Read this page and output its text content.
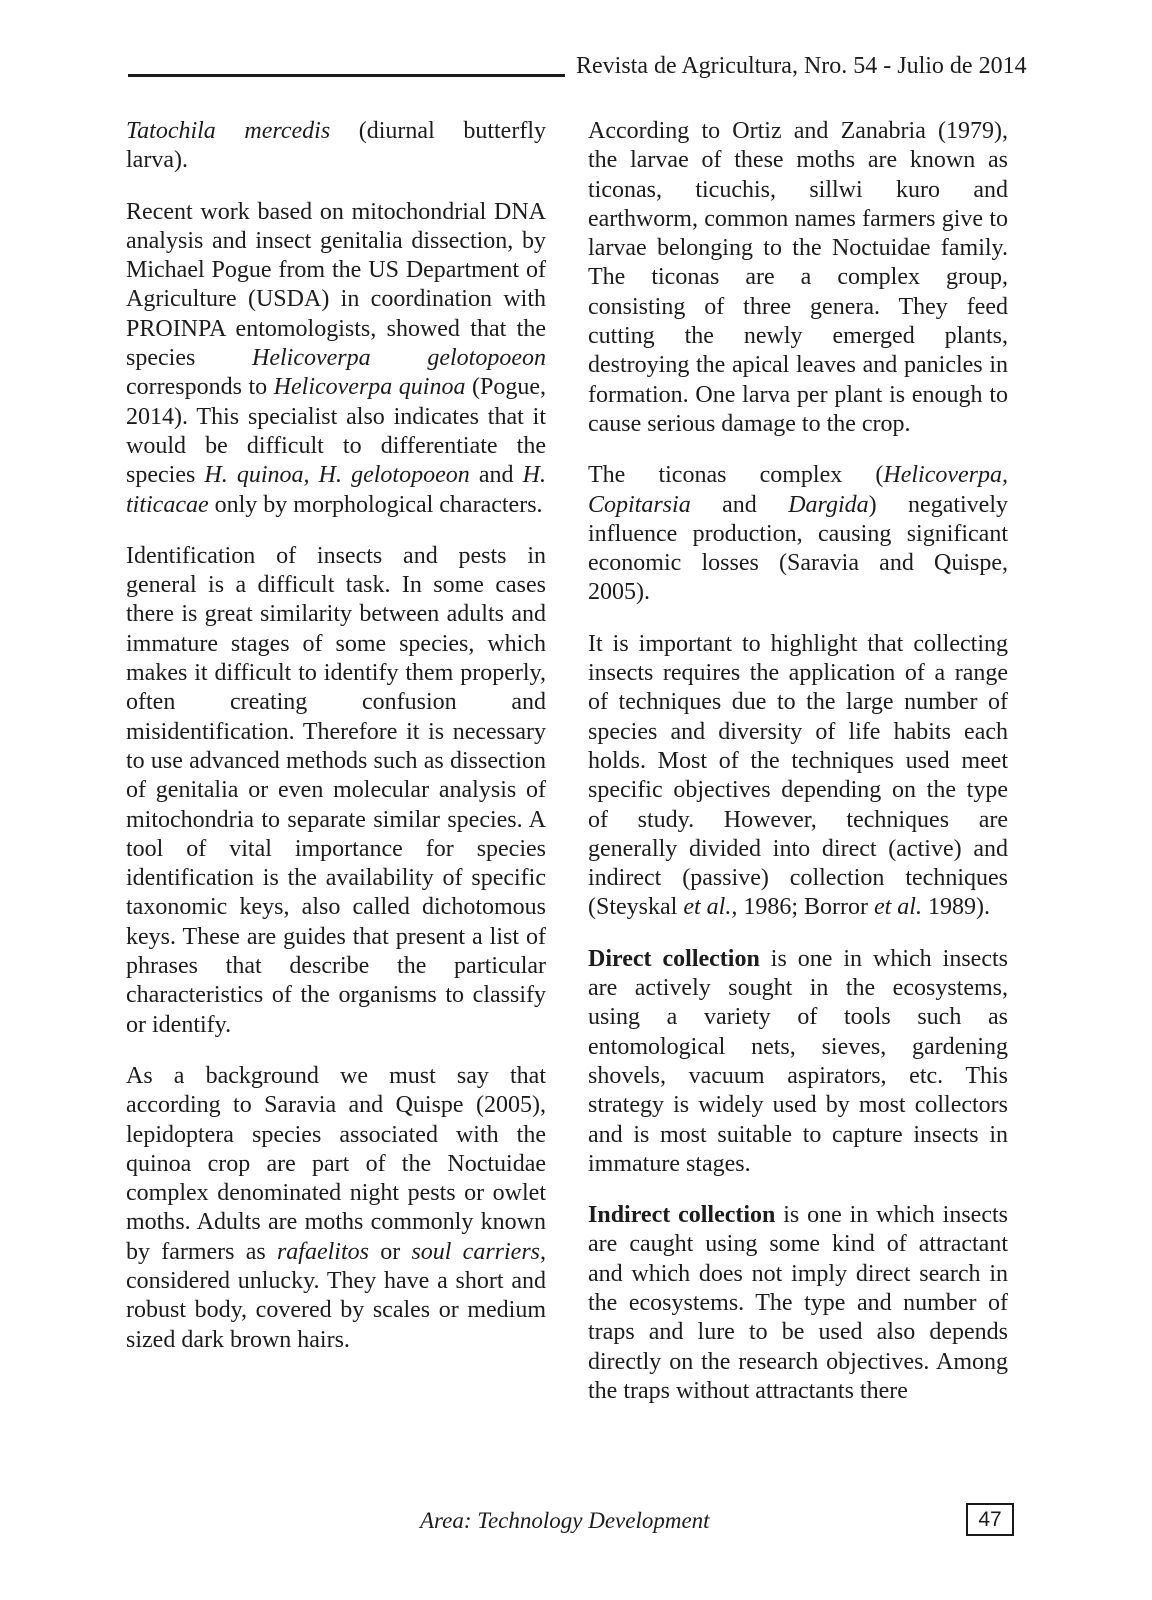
Revista de Agricultura, Nro. 54 - Julio de 2014

Tatochila mercedis (diurnal butterfly larva).

Recent work based on mitochondrial DNA analysis and insect genitalia dissection, by Michael Pogue from the US Department of Agriculture (USDA) in coordination with PROINPA entomologists, showed that the species Helicoverpa gelotopoeon corresponds to Helicoverpa quinoa (Pogue, 2014). This specialist also indicates that it would be difficult to differentiate the species H. quinoa, H. gelotopoeon and H. titicacae only by morphological characters.

Identification of insects and pests in general is a difficult task. In some cases there is great similarity between adults and immature stages of some species, which makes it difficult to identify them properly, often creating confusion and misidentification. Therefore it is necessary to use advanced methods such as dissection of genitalia or even molecular analysis of mitochondria to separate similar species. A tool of vital importance for species identification is the availability of specific taxonomic keys, also called dichotomous keys. These are guides that present a list of phrases that describe the particular characteristics of the organisms to classify or identify.

As a background we must say that according to Saravia and Quispe (2005), lepidoptera species associated with the quinoa crop are part of the Noctuidae complex denominated night pests or owlet moths. Adults are moths commonly known by farmers as rafaelitos or soul carriers, considered unlucky. They have a short and robust body, covered by scales or medium sized dark brown hairs.

According to Ortiz and Zanabria (1979), the larvae of these moths are known as ticonas, ticuchis, sillwi kuro and earthworm, common names farmers give to larvae belonging to the Noctuidae family. The ticonas are a complex group, consisting of three genera. They feed cutting the newly emerged plants, destroying the apical leaves and panicles in formation. One larva per plant is enough to cause serious damage to the crop.

The ticonas complex (Helicoverpa, Copitarsia and Dargida) negatively influence production, causing significant economic losses (Saravia and Quispe, 2005).

It is important to highlight that collecting insects requires the application of a range of techniques due to the large number of species and diversity of life habits each holds. Most of the techniques used meet specific objectives depending on the type of study. However, techniques are generally divided into direct (active) and indirect (passive) collection techniques (Steyskal et al., 1986; Borror et al. 1989).

Direct collection is one in which insects are actively sought in the ecosystems, using a variety of tools such as entomological nets, sieves, gardening shovels, vacuum aspirators, etc. This strategy is widely used by most collectors and is most suitable to capture insects in immature stages.

Indirect collection is one in which insects are caught using some kind of attractant and which does not imply direct search in the ecosystems. The type and number of traps and lure to be used also depends directly on the research objectives. Among the traps without attractants there

Area: Technology Development	47
